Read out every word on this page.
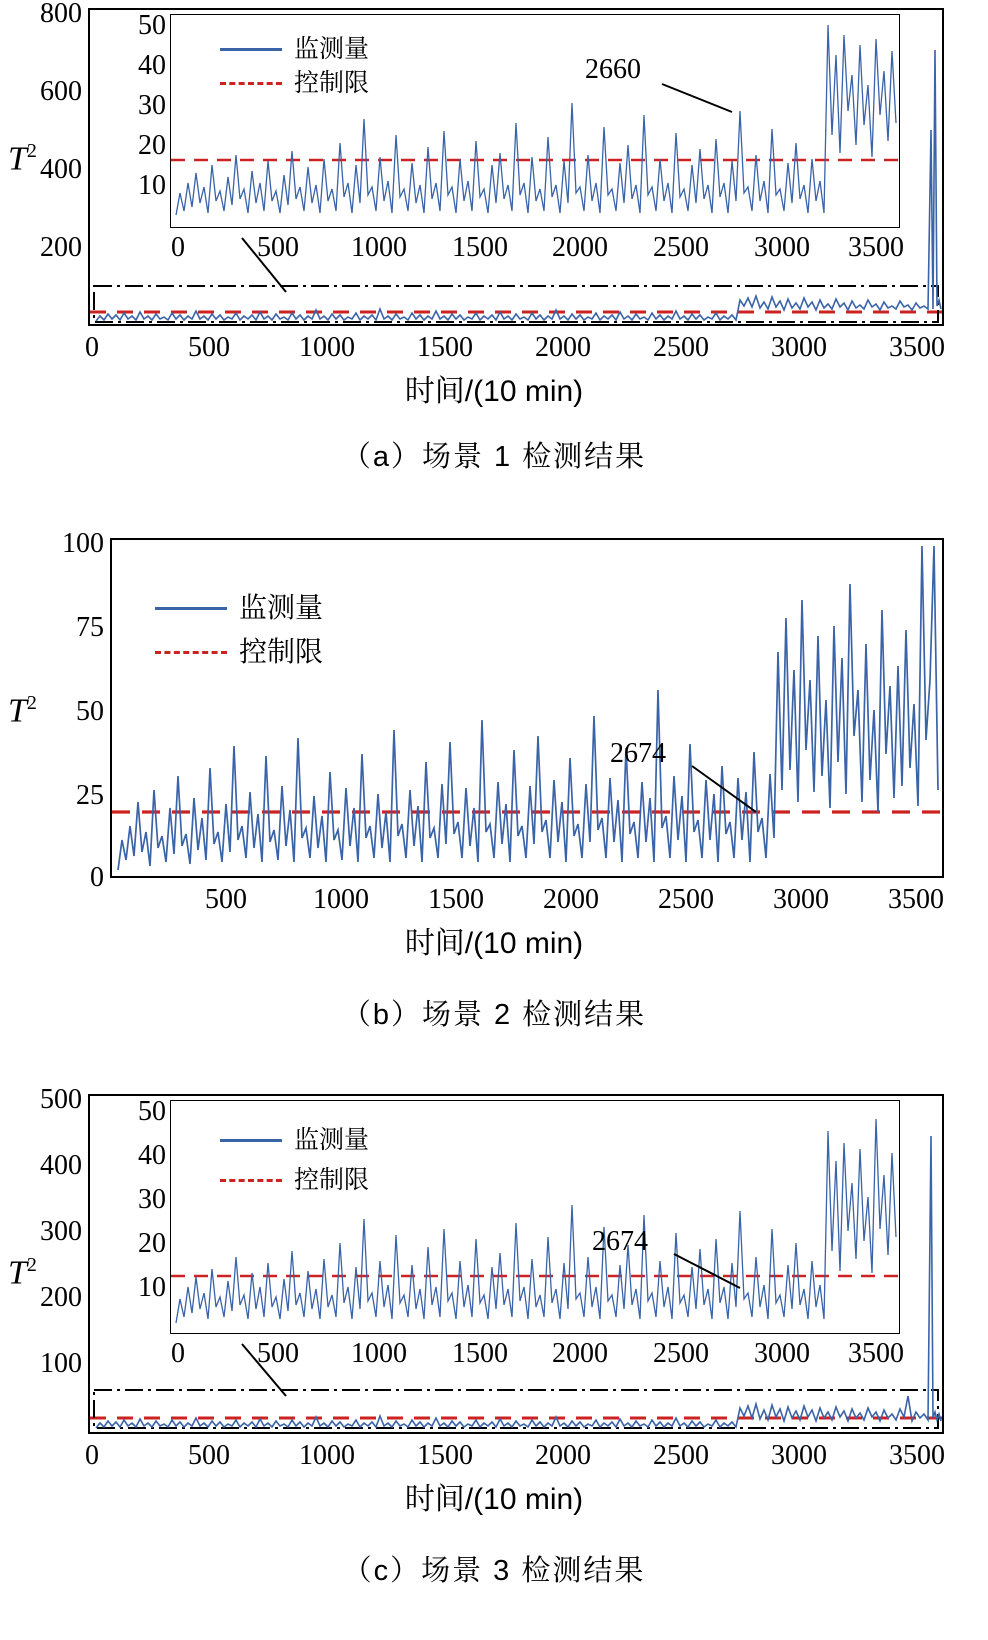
$T^2$
800
600
400
200
0	500 1000 1500 2000 2500 3000 3500
50
40
30
20
10
0	500 1000 1500 2000 2500 3000 3500
监测量
控制限	2660
时间/(10 min)
（a）场景 1 检测结果
$T^2$
100
75
50
25
0
500 1000 1500 2000 2500 3000 3500
监测量
控制限
2674
时间/(10 min)
（b）场景 2 检测结果
$T^2$
500
400
300
200
100
0	500 1000 1500 2000 2500 3000 3500
50
40
30
20
10
0	500 1000 1500 2000 2500 3000 3500
监测量
控制限
2674
时间/(10 min)
（c）场景 3 检测结果
